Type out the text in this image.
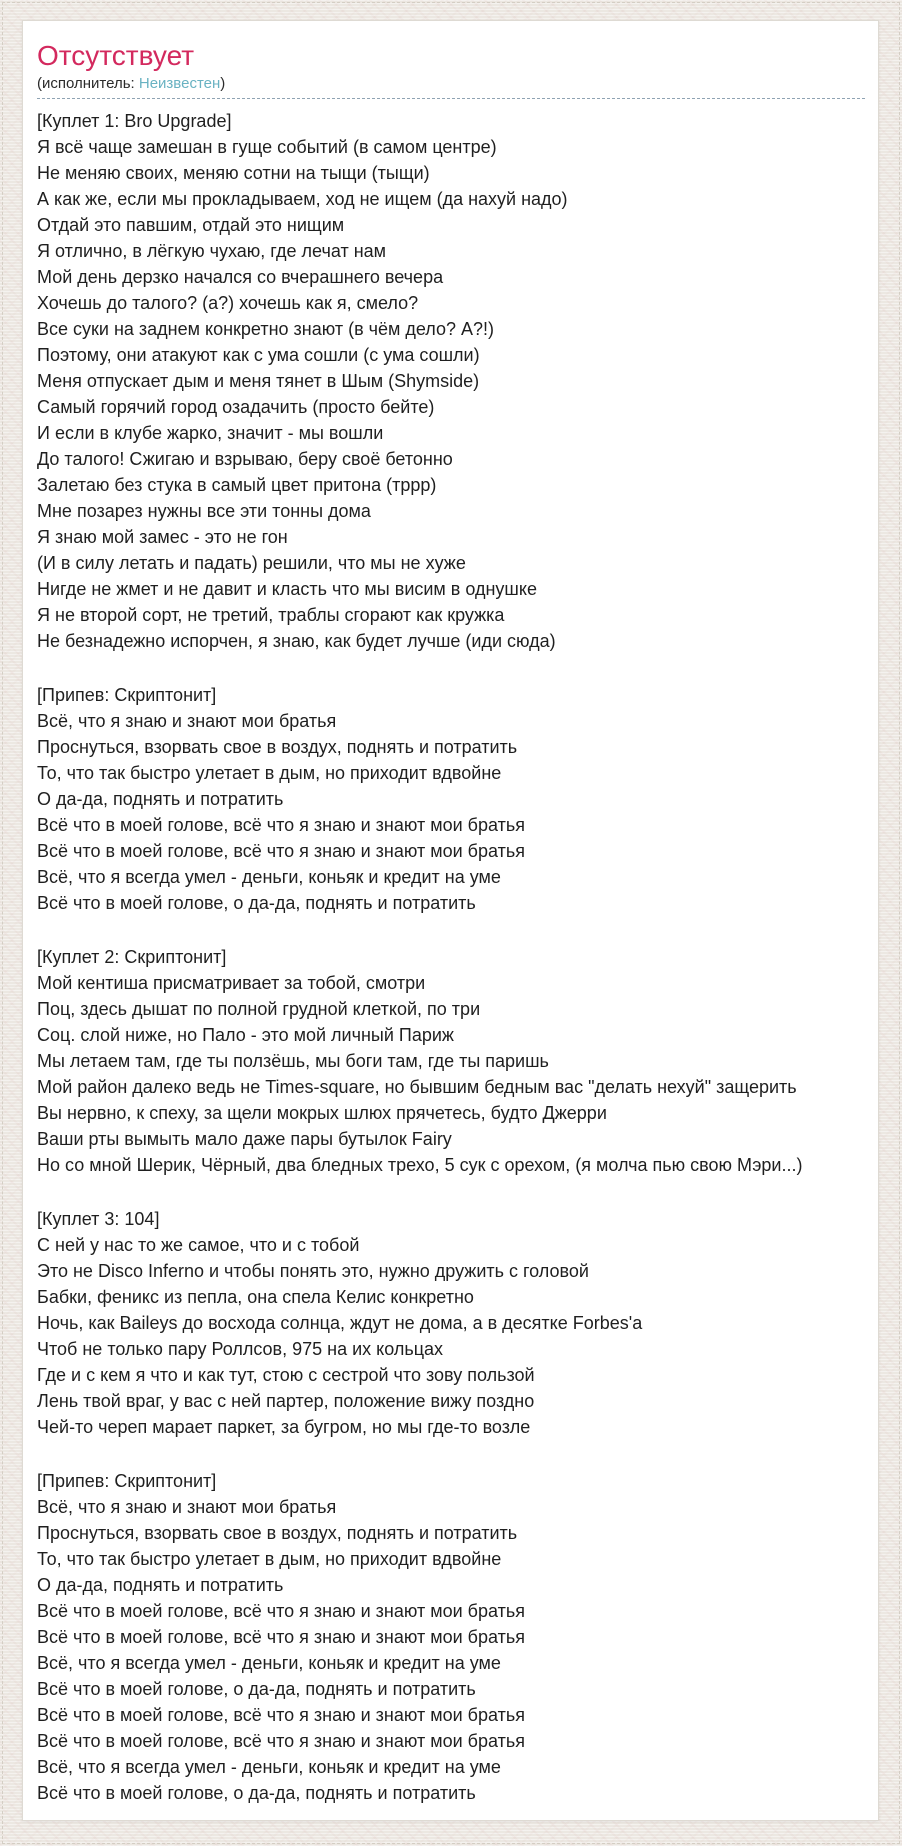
Отсутствует
(исполнитель: Неизвестен)
[Куплет 1: Bro Upgrade]
Я всё чаще замешан в гуще событий (в самом центре)
Не меняю своих, меняю сотни на тыщи (тыщи)
А как же, если мы прокладываем, ход не ищем (да нахуй надо)
Отдай это павшим, отдай это нищим
Я отлично, в лёгкую чухаю, где лечат нам
Мой день дерзко начался со вчерашнего вечера
Хочешь до талого? (а?) хочешь как я, смело?
Все суки на заднем конкретно знают (в чём дело? А?!)
Поэтому, они атакуют как с ума сошли (с ума сошли)
Меня отпускает дым и меня тянет в Шым (Shymside)
Самый горячий город озадачить (просто бейте)
И если в клубе жарко, значит - мы вошли
До талого! Сжигаю и взрываю, беру своё бетонно
Залетаю без стука в самый цвет притона (тррр)
Мне позарез нужны все эти тонны дома
Я знаю мой замес - это не гон
(И в силу летать и падать) решили, что мы не хуже
Нигде не жмет и не давит и класть что мы висим в однушке
Я не второй сорт, не третий, траблы сгорают как кружка
Не безнадежно испорчен, я знаю, как будет лучше (иди сюда)
[Припев: Скриптонит]
Всё, что я знаю и знают мои братья
Проснуться, взорвать свое в воздух, поднять и потратить
То, что так быстро улетает в дым, но приходит вдвойне
О да-да, поднять и потратить
Всё что в моей голове, всё что я знаю и знают мои братья
Всё что в моей голове, всё что я знаю и знают мои братья
Всё, что я всегда умел - деньги, коньяк и кредит на уме
Всё что в моей голове, о да-да, поднять и потратить
[Куплет 2: Скриптонит]
Мой кентиша присматривает за тобой, смотри
Поц, здесь дышат по полной грудной клеткой, по три
Соц. слой ниже, но Пало - это мой личный Париж
Мы летаем там, где ты ползёшь, мы боги там, где ты паришь
Мой район далеко ведь не Times-square, но бывшим бедным вас "делать нехуй" защерить
Вы нервно, к спеху, за щели мокрых шлюх прячетесь, будто Джерри
Ваши рты вымыть мало даже пары бутылок Fairy
Но со мной Шерик, Чёрный, два бледных трехо, 5 сук с орехом, (я молча пью свою Мэри...)
[Куплет 3: 104]
С ней у нас то же самое, что и с тобой
Это не Disco Inferno и чтобы понять это, нужно дружить с головой
Бабки, феникс из пепла, она спела Келис конкретно
Ночь, как Baileys до восхода солнца, ждут не дома, а в десятке Forbes'a
Чтоб не только пару Роллсов, 975 на их кольцах
Где и с кем я что и как тут, стою с сестрой что зову пользой
Лень твой враг, у вас с ней партер, положение вижу поздно
Чей-то череп марает паркет, за бугром, но мы где-то возле
[Припев: Скриптонит]
Всё, что я знаю и знают мои братья
Проснуться, взорвать свое в воздух, поднять и потратить
То, что так быстро улетает в дым, но приходит вдвойне
О да-да, поднять и потратить
Всё что в моей голове, всё что я знаю и знают мои братья
Всё что в моей голове, всё что я знаю и знают мои братья
Всё, что я всегда умел - деньги, коньяк и кредит на уме
Всё что в моей голове, о да-да, поднять и потратить
Всё что в моей голове, всё что я знаю и знают мои братья
Всё что в моей голове, всё что я знаю и знают мои братья
Всё, что я всегда умел - деньги, коньяк и кредит на уме
Всё что в моей голове, о да-да, поднять и потратить
